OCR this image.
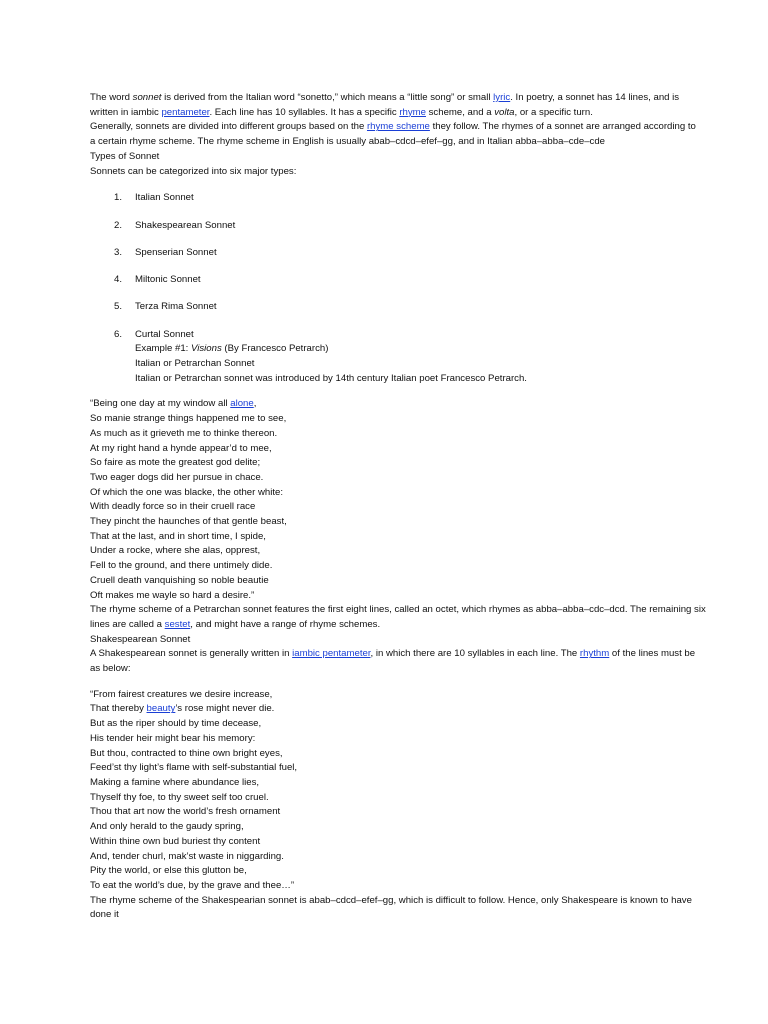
The word sonnet is derived from the Italian word “sonetto,” which means a “little song” or small lyric. In poetry, a sonnet has 14 lines, and is
written in iambic pentameter. Each line has 10 syllables. It has a specific rhyme scheme, and a volta, or a specific turn.
Generally, sonnets are divided into different groups based on the rhyme scheme they follow. The rhymes of a sonnet are arranged according to
a certain rhyme scheme. The rhyme scheme in English is usually abab–cdcd–efef–gg, and in Italian abba–abba–cde–cde
Types of Sonnet
Sonnets can be categorized into six major types:
1. Italian Sonnet
2. Shakespearean Sonnet
3. Spenserian Sonnet
4. Miltonic Sonnet
5. Terza Rima Sonnet
6. Curtal Sonnet
Example #1: Visions (By Francesco Petrarch)
Italian or Petrarchan Sonnet
Italian or Petrarchan sonnet was introduced by 14th century Italian poet Francesco Petrarch.
“Being one day at my window all alone,
So manie strange things happened me to see,
As much as it grieveth me to thinke thereon.
At my right hand a hynde appear’d to mee,
So faire as mote the greatest god delite;
Two eager dogs did her pursue in chace.
Of which the one was blacke, the other white:
With deadly force so in their cruell race
They pincht the haunches of that gentle beast,
That at the last, and in short time, I spide,
Under a rocke, where she alas, opprest,
Fell to the ground, and there untimely dide.
Cruell death vanquishing so noble beautie
Oft makes me wayle so hard a desire.”
The rhyme scheme of a Petrarchan sonnet features the first eight lines, called an octet, which rhymes as abba–abba–cdc–dcd. The remaining six
lines are called a sestet, and might have a range of rhyme schemes.
Shakespearean Sonnet
A Shakespearean sonnet is generally written in iambic pentameter, in which there are 10 syllables in each line. The rhythm of the lines must be
as below:
“From fairest creatures we desire increase,
That thereby beauty’s rose might never die.
But as the riper should by time decease,
His tender heir might bear his memory:
But thou, contracted to thine own bright eyes,
Feed’st thy light’s flame with self-substantial fuel,
Making a famine where abundance lies,
Thyself thy foe, to thy sweet self too cruel.
Thou that art now the world’s fresh ornament
And only herald to the gaudy spring,
Within thine own bud buriest thy content
And, tender churl, mak’st waste in niggarding.
Pity the world, or else this glutton be,
To eat the world’s due, by the grave and thee…”
The rhyme scheme of the Shakespearian sonnet is abab–cdcd–efef–gg, which is difficult to follow. Hence, only Shakespeare is known to have
done it
